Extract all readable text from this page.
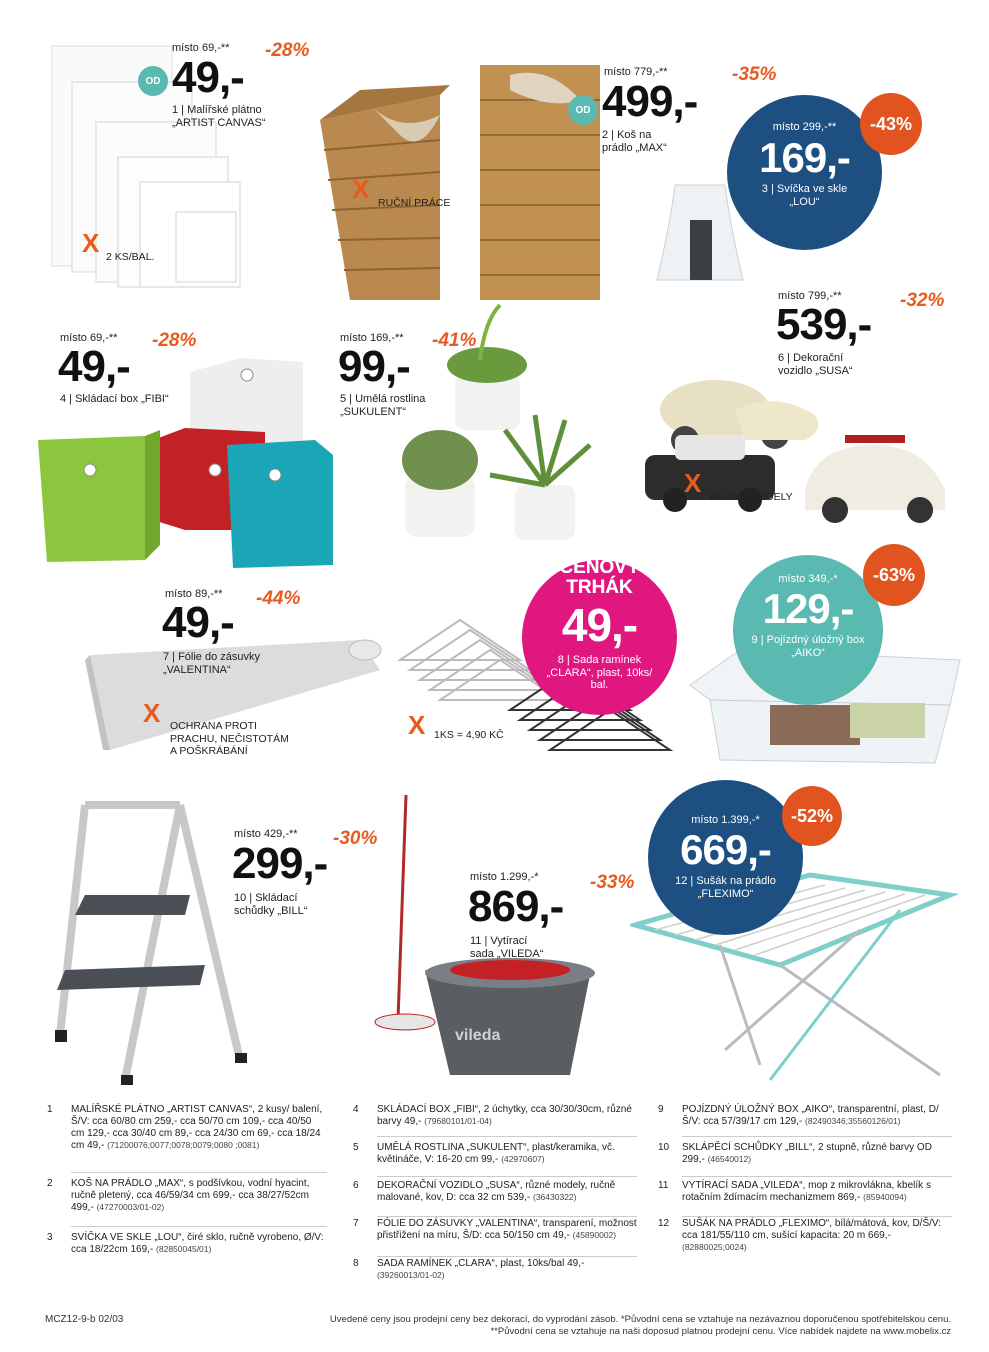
vileda
místo 69,-**
OD 49,-
-28%
1 | Malířské plátno
„ARTIST CANVAS“
X 2 KS/BAL.
místo 779,-**
OD 499,-
-35%
2 | Koš na
prádlo „MAX“
X RUČNÍ PRÁCE
místo 299,-**
169,-
3 | Svíčka ve skle
„LOU“
-43%
místo 69,-**
49,-
-28%
4 | Skládací box „FIBI“
místo 169,-**
99,-
-41%
5 | Umělá rostlina
„SUKULENT“
místo 799,-**
539,- -32%
6 | Dekorační
vozidlo „SUSA“
X RŮZNÉ MODELY
místo 89,-**
49,- -44%
7 | Fólie do zásuvky
„VALENTINA“
X OCHRANA PROTI
PRACHU, NEČISTOTÁM
A POŠKRÁBÁNÍ
CENOVÝ
TRHÁK
49,-
8 | Sada ramínek
„CLARA“, plast, 10ks/
bal.
X 1KS = 4,90 KČ
místo 349,-*
129,-
9 | Pojízdný úložný box
„AIKO“
-63%
místo 429,-**
299,-
-30%
10 | Skládací
schůdky „BILL“
místo 1.299,-*
869,- -33%
11 | Vytírací
sada „VILEDA“
místo 1.399,-*
669,-
12 | Sušák na prádlo
„FLEXIMO“
-52%
1 MALÍŘSKÉ PLÁTNO „ARTIST CANVAS“, 2 kusy/ balení, Š/V: cca 60/80 cm 259,- cca 50/70 cm 109,- cca 40/50 cm 129,- cca 30/40 cm 89,- cca 24/30 cm 69,- cca 18/24 cm 49,- (71200076;0077;0078;0079;0080 ;0081)
2 KOŠ NA PRÁDLO „MAX“, s podšívkou, vodní hyacint, ručně pletený, cca 46/59/34 cm 699,- cca 38/27/52cm 499,- (47270003/01-02)
3 SVÍČKA VE SKLE „LOU“, čiré sklo, ručně vyrobeno, Ø/V: cca 18/22cm 169,- (82850045/01)
4 SKLÁDACÍ BOX „FIBI“, 2 úchytky, cca 30/30/30cm, různé barvy 49,- (79680101/01-04)
5 UMĚLÁ ROSTLINA „SUKULENT“, plast/keramika, vč. květináče, V: 16-20 cm 99,- (42970607)
6 DEKORAČNÍ VOZIDLO „SUSA“, různé modely, ručně malované, kov, D: cca 32 cm 539,- (36430322)
7 FÓLIE DO ZÁSUVKY „VALENTINA“, transparení, možnost přistřižení na míru, Š/D: cca 50/150 cm 49,- (45890002)
8 SADA RAMÍNEK „CLARA“, plast, 10ks/bal 49,-
(39260013/01-02)
9 POJÍZDNÝ ÚLOŽNÝ BOX „AIKO“, transparentní, plast, D/Š/V: cca 57/39/17 cm 129,- (82490346;35560126/01)
10 SKLÁPĚCÍ SCHŮDKY „BILL“, 2 stupně, různé barvy OD 299,- (46540012)
11 VYTÍRACÍ SADA „VILEDA“, mop z mikrovlákna, kbelík s rotačním ždímacím mechanizmem 869,- (85940094)
12 SUŠÁK NA PRÁDLO „FLEXIMO“, bílá/mátová, kov, D/Š/V: cca 181/55/110 cm, sušící kapacita: 20 m 669,- (82880025;0024)
MCZ12-9-b 02/03	Uvedené ceny jsou prodejní ceny bez dekorací, do vyprodání zásob. *Původní cena se vztahuje na nezávaznou doporučenou spotřebitelskou cenu.
**Původní cena se vztahuje na naši doposud platnou prodejní cenu. Více nabídek najdete na www.mobelix.cz
